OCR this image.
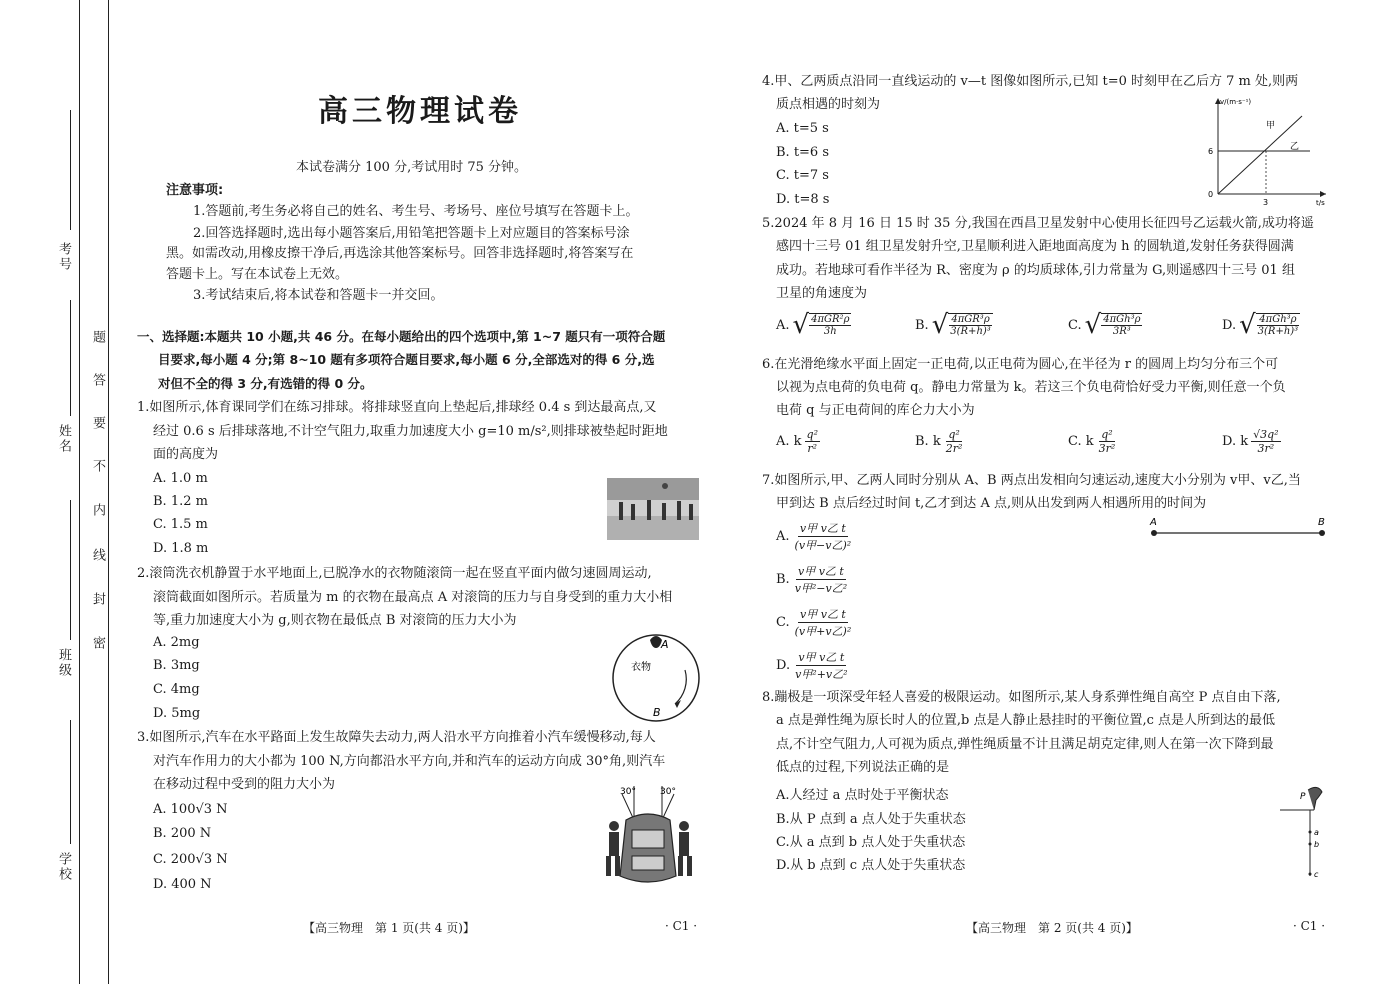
考号
姓名
班级
学校
题
答
要
不
内
线
封
密
高三物理试卷
本试卷满分 100 分,考试用时 75 分钟。
注意事项:
1.答题前,考生务必将自己的姓名、考生号、考场号、座位号填写在答题卡上。
2.回答选择题时,选出每小题答案后,用铅笔把答题卡上对应题目的答案标号涂
黑。如需改动,用橡皮擦干净后,再选涂其他答案标号。回答非选择题时,将答案写在
答题卡上。写在本试卷上无效。
3.考试结束后,将本试卷和答题卡一并交回。
一、选择题:本题共 10 小题,共 46 分。在每小题给出的四个选项中,第 1~7 题只有一项符合题
目要求,每小题 4 分;第 8~10 题有多项符合题目要求,每小题 6 分,全部选对的得 6 分,选
对但不全的得 3 分,有选错的得 0 分。
1.如图所示,体育课同学们在练习排球。将排球竖直向上垫起后,排球经 0.4 s 到达最高点,又
经过 0.6 s 后排球落地,不计空气阻力,取重力加速度大小 g=10 m/s²,则排球被垫起时距地
面的高度为
A. 1.0 m
B. 1.2 m
C. 1.5 m
D. 1.8 m
2.滚筒洗衣机静置于水平地面上,已脱净水的衣物随滚筒一起在竖直平面内做匀速圆周运动,
滚筒截面如图所示。若质量为 m 的衣物在最高点 A 对滚筒的压力与自身受到的重力大小相
等,重力加速度大小为 g,则衣物在最低点 B 对滚筒的压力大小为
A. 2mg
B. 3mg
C. 4mg
D. 5mg
A
衣物
B
3.如图所示,汽车在水平路面上发生故障失去动力,两人沿水平方向推着小汽车缓慢移动,每人
对汽车作用力的大小都为 100 N,方向都沿水平方向,并和汽车的运动方向成 30°角,则汽车
在移动过程中受到的阻力大小为
A. 100√3 N
B. 200 N
C. 200√3 N
D. 400 N
30°	30°
【高三物理　第 1 页(共 4 页)】	· C1 ·
4.甲、乙两质点沿同一直线运动的 v—t 图像如图所示,已知 t=0 时刻甲在乙后方 7 m 处,则两
质点相遇的时刻为
A. t=5 s
B. t=6 s
C. t=7 s
D. t=8 s
v/(m·s⁻¹)
t/s
0
6
3
甲
乙
5.2024 年 8 月 16 日 15 时 35 分,我国在西昌卫星发射中心使用长征四号乙运载火箭,成功将遥
感四十三号 01 组卫星发射升空,卫星顺利进入距地面高度为 h 的圆轨道,发射任务获得圆满
成功。若地球可看作半径为 R、密度为 ρ 的均质球体,引力常量为 G,则遥感四十三号 01 组
卫星的角速度为
A. √ 4πGR²ρ
3h	B. √ 4πGR³ρ
3(R+h)³	C. √ 4πGh³ρ
3R³	D. √ 4πGh³ρ
3(R+h)³
6.在光滑绝缘水平面上固定一正电荷,以正电荷为圆心,在半径为 r 的圆周上均匀分布三个可
以视为点电荷的负电荷 q。静电力常量为 k。若这三个负电荷恰好受力平衡,则任意一个负
电荷 q 与正电荷间的库仑力大小为
A. k $\frac{\text{q²}}{\text{r²}}$	B. k $\frac{\text{q²}}{\text{2r²}}$	C. k $\frac{\text{q²}}{\text{3r²}}$	D. k $\frac{\text{√3q²}}{\text{3r²}}$
7.如图所示,甲、乙两人同时分别从 A、B 两点出发相向匀速运动,速度大小分别为 v甲、v乙,当
甲到达 B 点后经过时间 t,乙才到达 A 点,则从出发到两人相遇所用的时间为
A	B
A.
v甲 v乙 t
(v甲−v乙)²
B.
v甲 v乙 t
v甲²−v乙²
C.
v甲 v乙 t
(v甲+v乙)²
D.
v甲 v乙 t
v甲²+v乙²
8.蹦极是一项深受年轻人喜爱的极限运动。如图所示,某人身系弹性绳自高空 P 点自由下落,
a 点是弹性绳为原长时人的位置,b 点是人静止悬挂时的平衡位置,c 点是人所到达的最低
点,不计空气阻力,人可视为质点,弹性绳质量不计且满足胡克定律,则人在第一次下降到最
低点的过程,下列说法正确的是
A.人经过 a 点时处于平衡状态
B.从 P 点到 a 点人处于失重状态
C.从 a 点到 b 点人处于失重状态
D.从 b 点到 c 点人处于失重状态
P
a
b
c
【高三物理　第 2 页(共 4 页)】	· C1 ·
